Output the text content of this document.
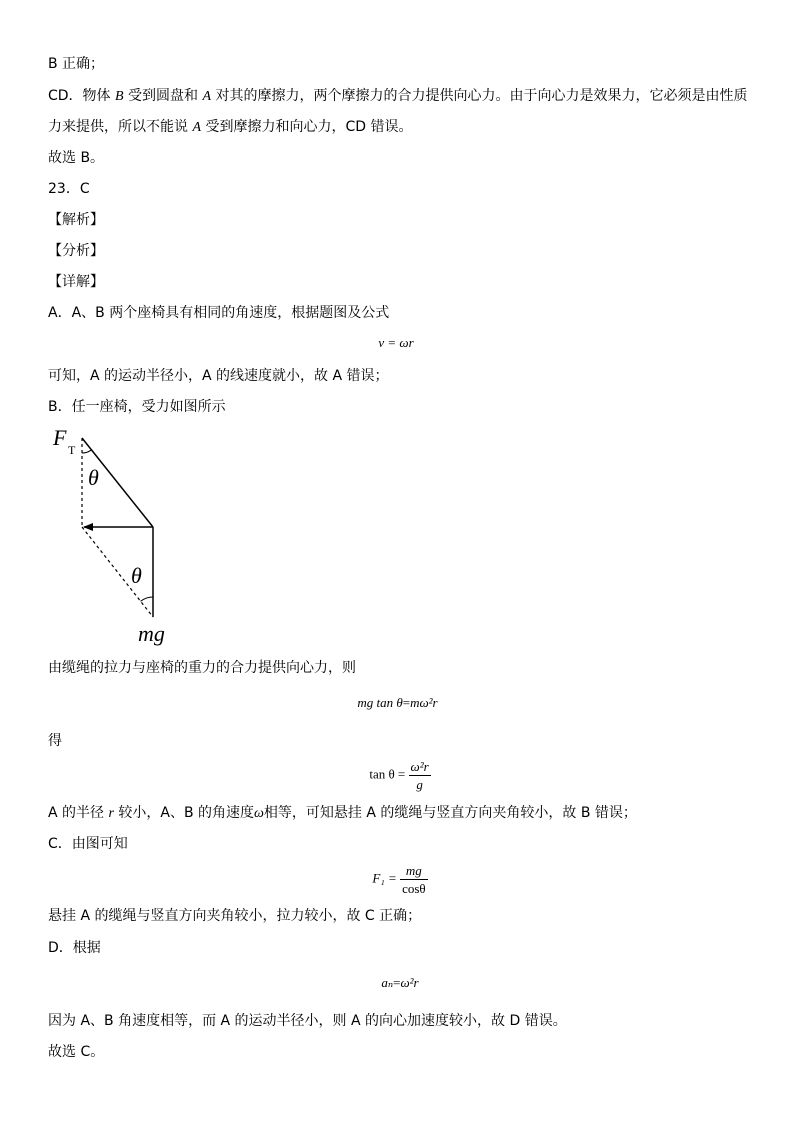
B 正确；
CD．物体 B 受到圆盘和 A 对其的摩擦力，两个摩擦力的合力提供向心力。由于向心力是效果力，它必须是由性质
力来提供，所以不能说 A 受到摩擦力和向心力，CD 错误。
故选 B。
23．C
【解析】
【分析】
【详解】
A．A、B 两个座椅具有相同的角速度，根据题图及公式
v = ωr
可知，A 的运动半径小，A 的线速度就小，故 A 错误；
B．任一座椅，受力如图所示
F T
θ
θ
mg
由缆绳的拉力与座椅的重力的合力提供向心力，则
mg tan θ=mω²r
得
$\tan \theta = \frac{\text{ω²r}}{g}$
A 的半径 r 较小，A、B 的角速度ω相等，可知悬挂 A 的缆绳与竖直方向夹角较小，故 B 错误；
C．由图可知
$F_1 = \frac{mg}{\cos\theta}$
悬挂 A 的缆绳与竖直方向夹角较小，拉力较小，故 C 正确；
D．根据
aₙ=ω²r
因为 A、B 角速度相等，而 A 的运动半径小，则 A 的向心加速度较小，故 D 错误。
故选 C。
